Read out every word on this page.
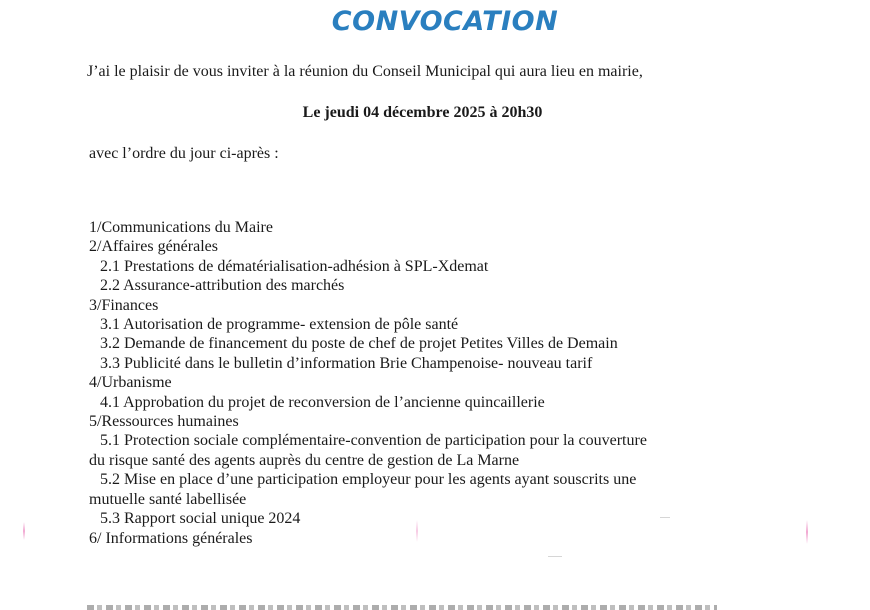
CONVOCATION
J’ai le plaisir de vous inviter à la réunion du Conseil Municipal qui aura lieu en mairie,
Le jeudi 04 décembre 2025 à 20h30
avec l’ordre du jour ci-après :
1/Communications du Maire
2/Affaires générales
2.1 Prestations de dématérialisation-adhésion à SPL-Xdemat
2.2 Assurance-attribution des marchés
3/Finances
3.1 Autorisation de programme- extension de pôle santé
3.2 Demande de financement du poste de chef de projet Petites Villes de Demain
3.3 Publicité dans le bulletin d’information Brie Champenoise- nouveau tarif
4/Urbanisme
4.1 Approbation du projet de reconversion de l’ancienne quincaillerie
5/Ressources humaines
5.1 Protection sociale complémentaire-convention de participation pour la couverture
du risque santé des agents auprès du centre de gestion de La Marne
5.2 Mise en place d’une participation employeur pour les agents ayant souscrits une
mutuelle santé labellisée
5.3 Rapport social unique 2024
6/ Informations générales
